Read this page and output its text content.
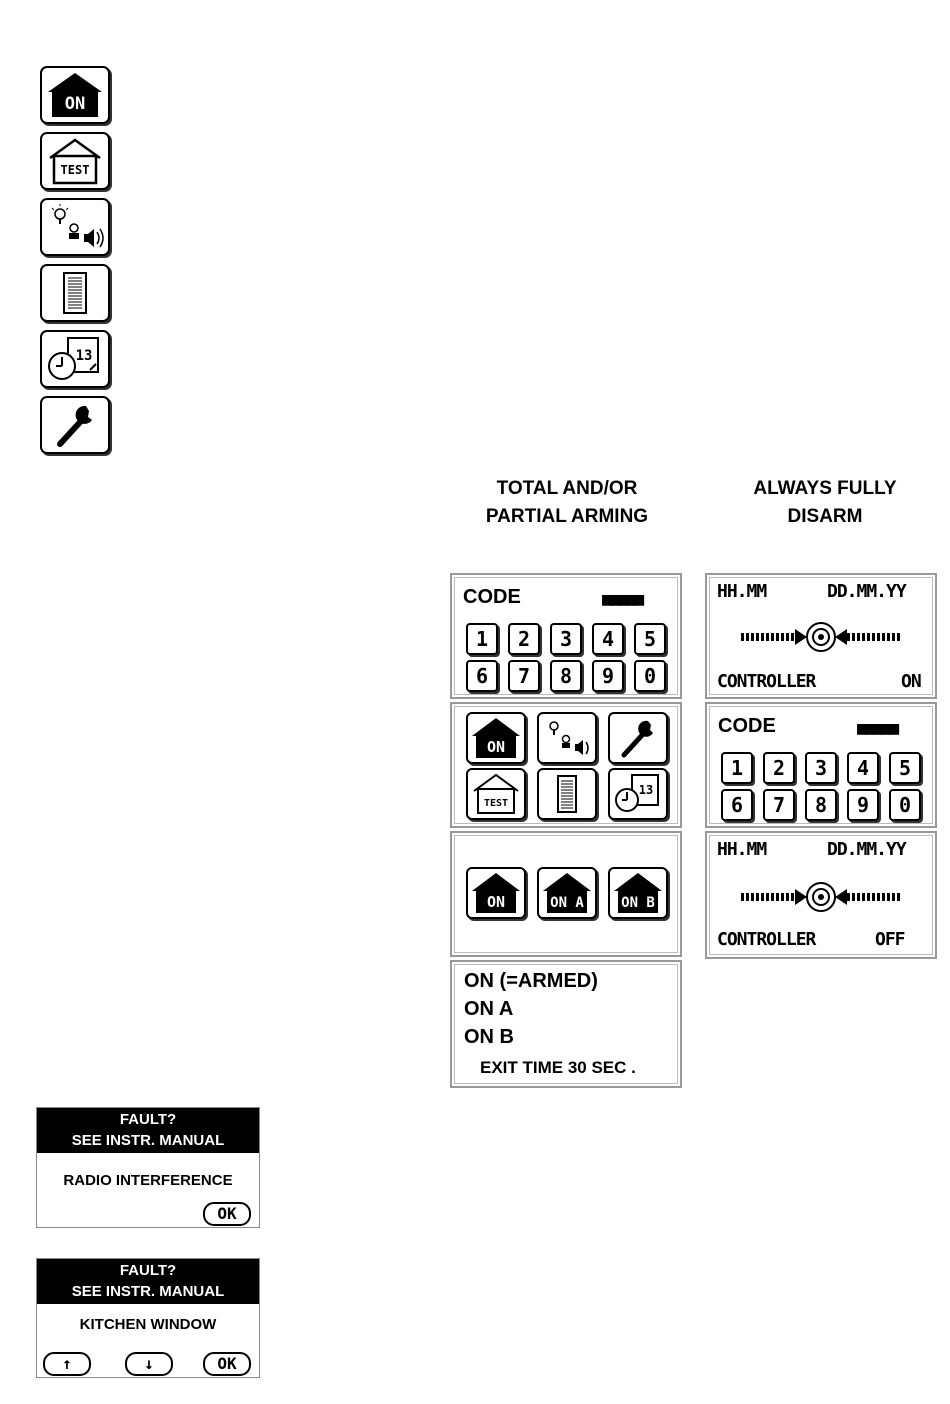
ON
TEST
13
TOTAL AND/OR
PARTIAL ARMING
ALWAYS FULLY
DISARM
CODE	■■■■■
1	2	3	4	5
6	7	8	9	0
ON
TEST
13
ON	ON A	ON B
ON (=ARMED)
ON A
ON B
EXIT TIME 30 SEC .
HH.MM	DD.MM.YY
CONTROLLER	ON
CODE	■■■■■
1	2	3	4	5
6	7	8	9	0
HH.MM	DD.MM.YY
CONTROLLER	OFF
FAULT?
SEE INSTR. MANUAL
RADIO INTERFERENCE
OK
FAULT?
SEE INSTR. MANUAL
KITCHEN WINDOW
↑	↓	OK
